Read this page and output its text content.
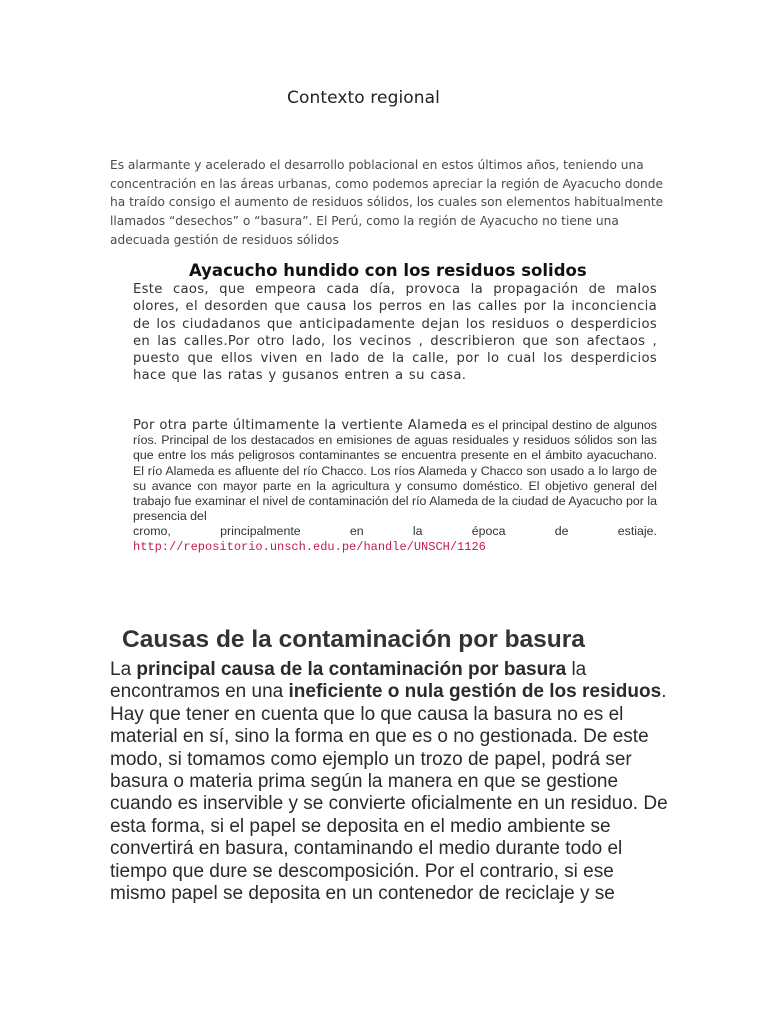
Contexto regional
Es alarmante y acelerado el desarrollo poblacional en estos últimos años, teniendo una concentración en las áreas urbanas, como podemos apreciar la región de Ayacucho donde ha traído consigo el aumento de residuos sólidos, los cuales son elementos habitualmente llamados “desechos” o “basura”. El Perú, como la región de Ayacucho no tiene una adecuada gestión de residuos sólidos
Ayacucho hundido con los residuos solidos
Este caos, que empeora cada día, provoca la propagación de malos olores, el desorden que causa los perros en las calles por la inconciencia de los ciudadanos que anticipadamente dejan los residuos o desperdicios en las calles.Por otro lado, los vecinos , describieron que son afectaos , puesto que ellos viven en lado de la calle, por lo cual los desperdicios hace que las ratas y gusanos entren a su casa.
Por otra parte últimamente la vertiente Alameda es el principal destino de algunos ríos. Principal de los destacados en emisiones de aguas residuales y residuos sólidos son las que entre los más peligrosos contaminantes se encuentra presente en el ámbito ayacuchano. El río Alameda es afluente del río Chacco. Los ríos Alameda y Chacco son usado a lo largo de su avance con mayor parte en la agricultura y consumo doméstico. El objetivo general del trabajo fue examinar el nivel de contaminación del río Alameda de la ciudad de Ayacucho por la presencia del
cromo, principalmente en la época de estiaje.
http://repositorio.unsch.edu.pe/handle/UNSCH/1126
Causas de la contaminación por basura
La principal causa de la contaminación por basura la encontramos en una ineficiente o nula gestión de los residuos. Hay que tener en cuenta que lo que causa la basura no es el material en sí, sino la forma en que es o no gestionada. De este modo, si tomamos como ejemplo un trozo de papel, podrá ser basura o materia prima según la manera en que se gestione cuando es inservible y se convierte oficialmente en un residuo. De esta forma, si el papel se deposita en el medio ambiente se convertirá en basura, contaminando el medio durante todo el tiempo que dure se descomposición. Por el contrario, si ese mismo papel se deposita en un contenedor de reciclaje y se
